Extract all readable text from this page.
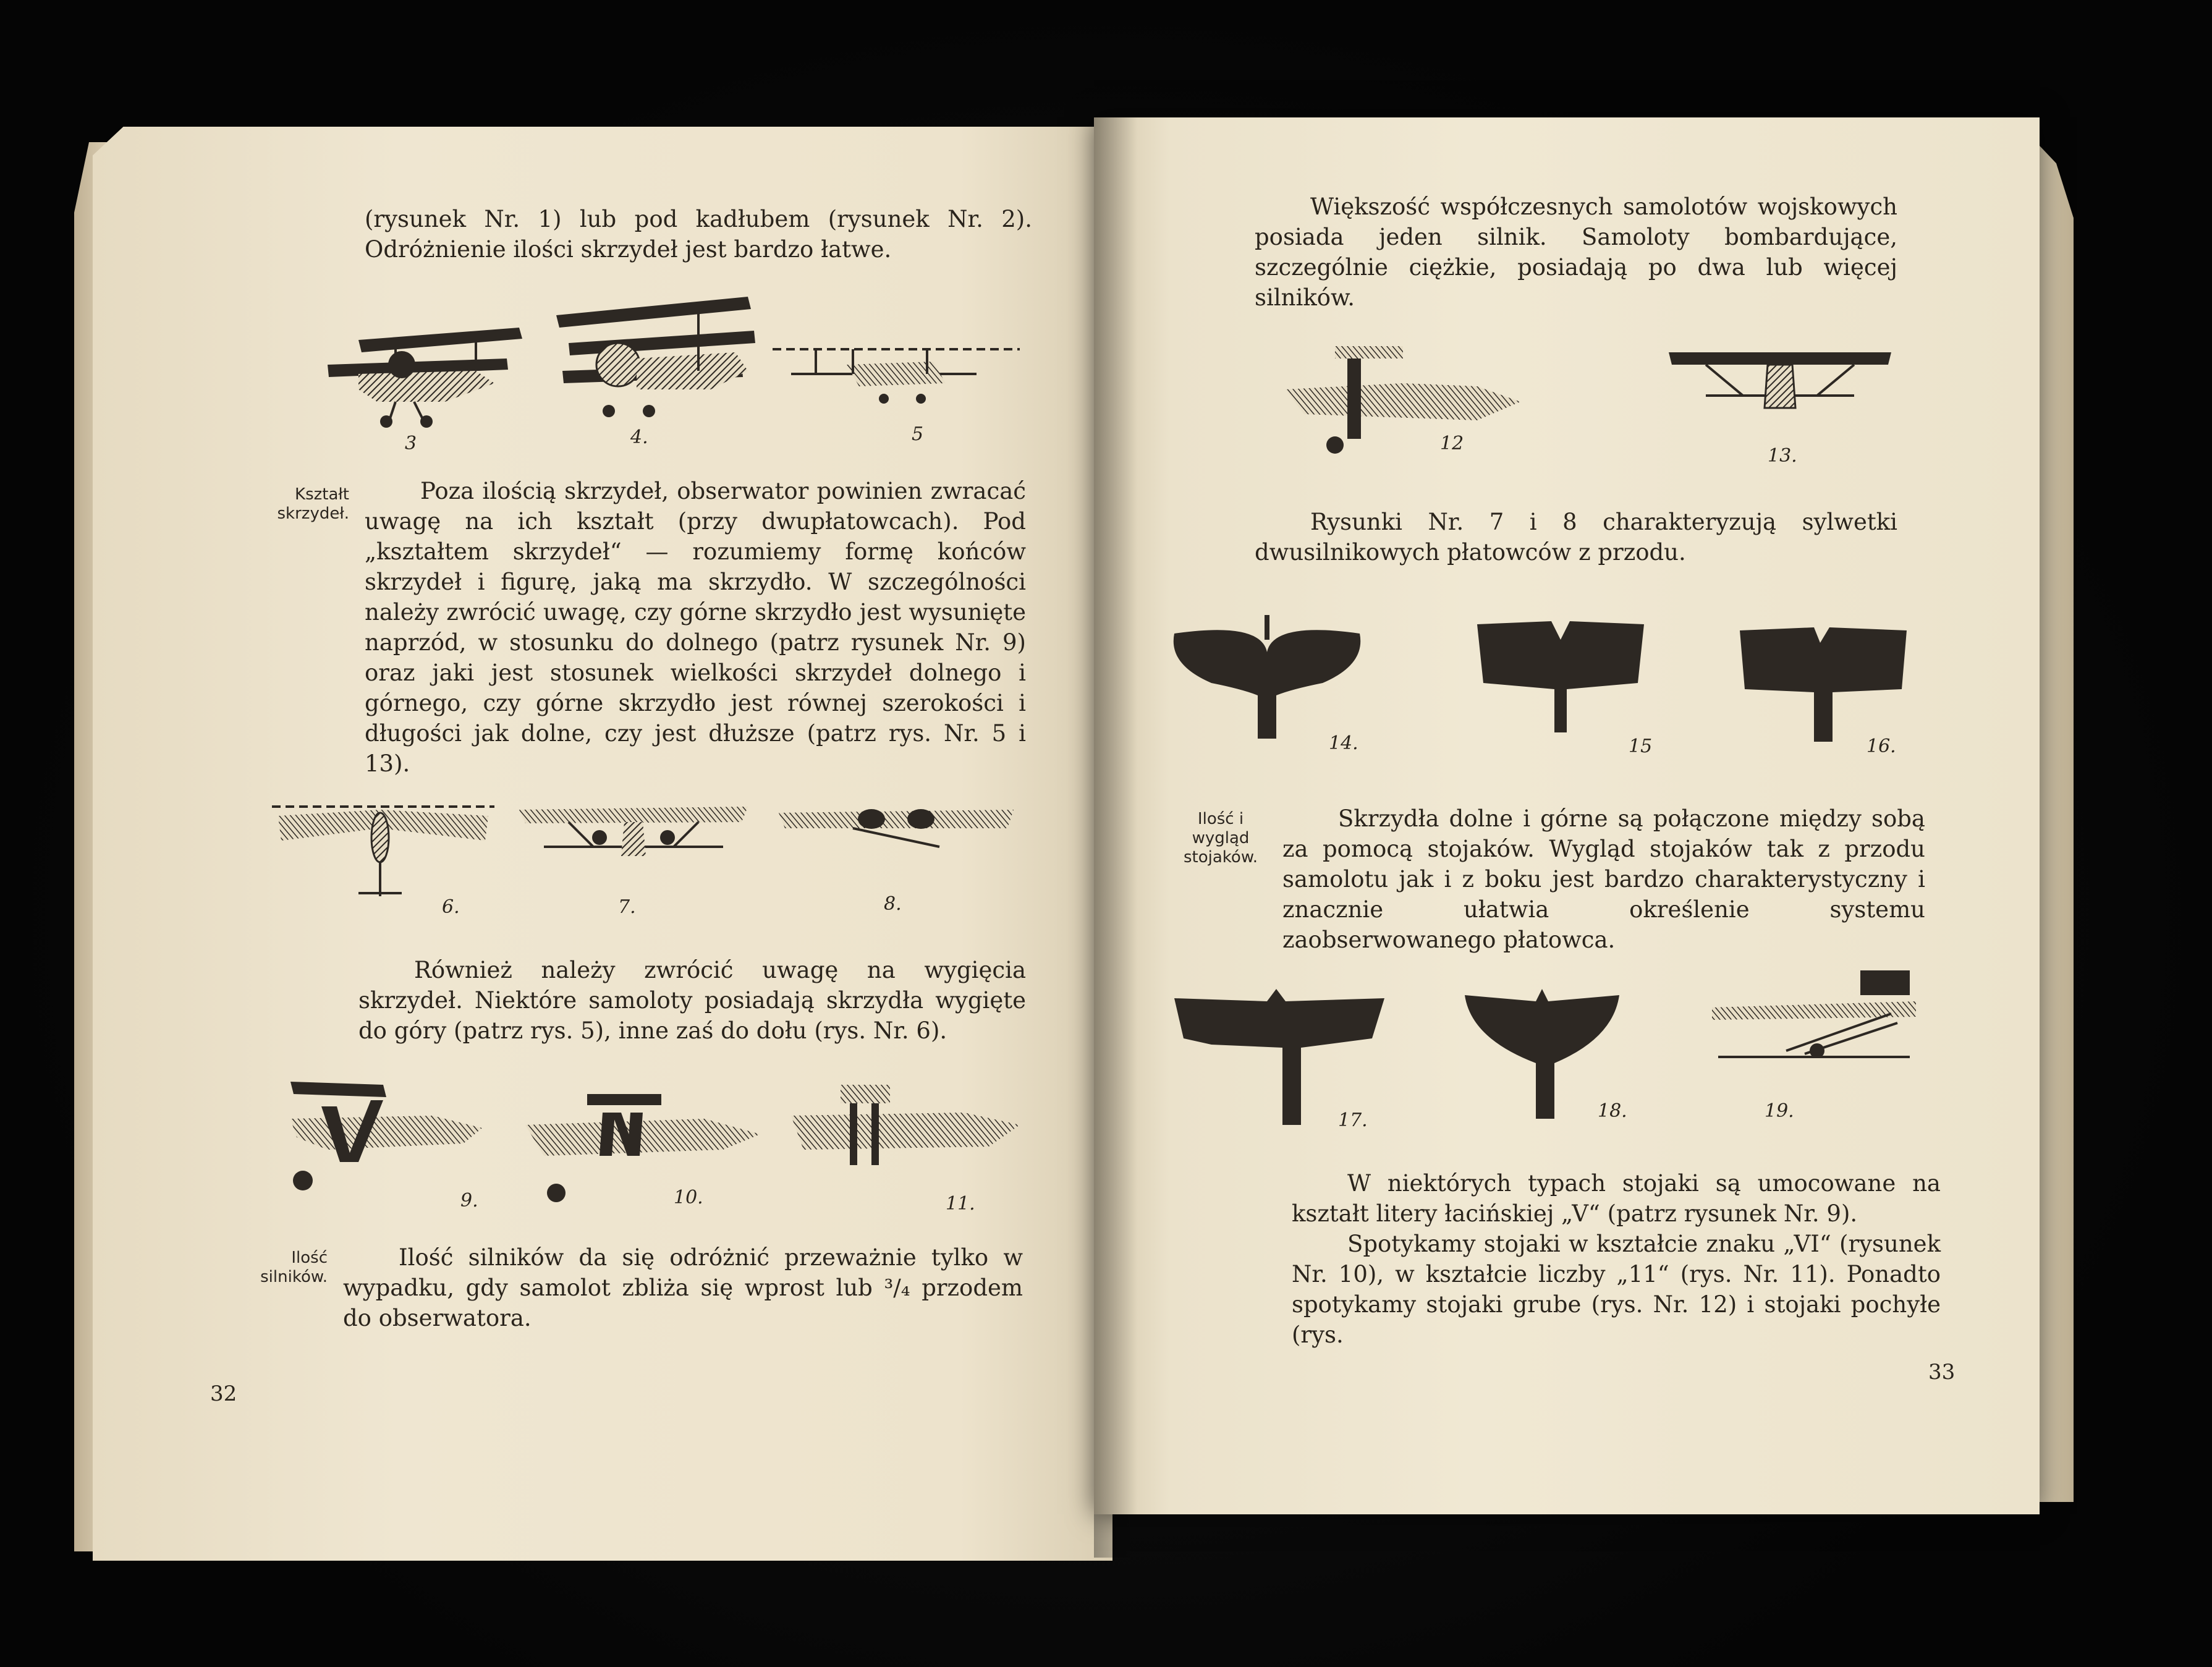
(rysunek Nr. 1) lub pod kadłubem (rysunek Nr. 2). Odróżnienie ilości skrzydeł jest bardzo łatwe.

3	4.	5
Kształt skrzydeł.

Poza ilością skrzydeł, obserwator powinien zwracać uwagę na ich kształt (przy dwupłatowcach). Pod „kształtem skrzydeł“ — rozumiemy formę końców skrzydeł i figurę, jaką ma skrzydło. W szczególności należy zwrócić uwagę, czy górne skrzydło jest wysunięte naprzód, w stosunku do dolnego (patrz rysunek Nr. 9) oraz jaki jest stosunek wielkości skrzydeł dolnego i górnego, czy górne skrzydło jest równej szerokości i długości jak dolne, czy jest dłuższe (patrz rys. Nr. 5 i 13).

6.	7.	8.

Również należy zwrócić uwagę na wygięcia skrzydeł. Niektóre samoloty posiadają skrzydła wygięte do góry (patrz rys. 5), inne zaś do dołu (rys. Nr. 6).

9.	10.	11.
Ilość silników.

Ilość silników da się odróżnić przeważnie tylko w wypadku, gdy samolot zbliża się wprost lub ³/₄ przodem do obserwatora.

32

Większość współczesnych samolotów wojskowych posiada jeden silnik. Samoloty bombardujące, szczególnie ciężkie, posiadają po dwa lub więcej silników.

12
13.

Rysunki Nr. 7 i 8 charakteryzują sylwetki dwusilnikowych płatowców z przodu.

14.	15	16.
Ilość i wygląd stojaków.

Skrzydła dolne i górne są połączone między sobą za pomocą stojaków. Wygląd stojaków tak z przodu samolotu jak i z boku jest bardzo charakterystyczny i znacznie ułatwia określenie systemu zaobserwowanego płatowca.

17.	18.	19.

W niektórych typach stojaki są umocowane na kształt litery łacińskiej „V“ (patrz rysunek Nr. 9).

Spotykamy stojaki w kształcie znaku „VI“ (rysunek Nr. 10), w kształcie liczby „11“ (rys. Nr. 11). Ponadto spotykamy stojaki grube (rys. Nr. 12) i stojaki pochyłe (rys.

33
